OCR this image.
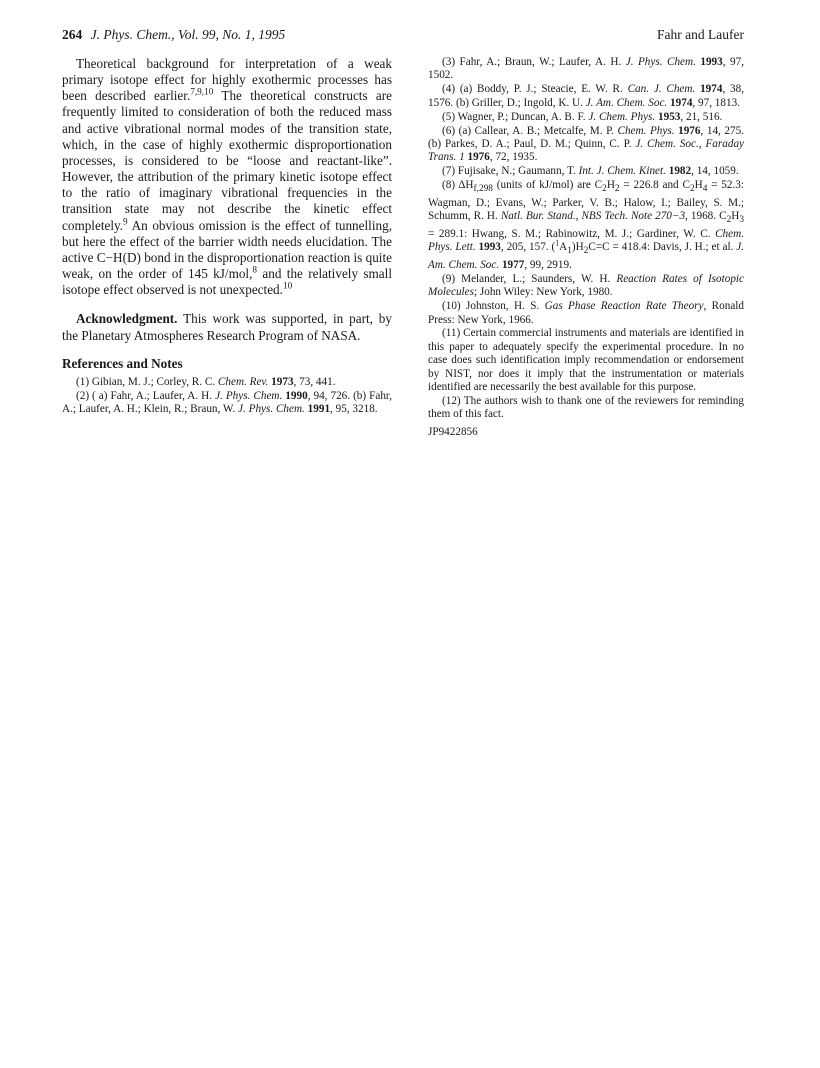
264 J. Phys. Chem., Vol. 99, No. 1, 1995	Fahr and Laufer

Theoretical background for interpretation of a weak primary isotope effect for highly exothermic processes has been described earlier.$^{7,9,10}$ The theoretical constructs are frequently limited to consideration of both the reduced mass and active vibrational normal modes of the transition state, which, in the case of highly exothermic disproportionation processes, is considered to be “loose and reactant-like”. However, the attribution of the primary kinetic isotope effect to the ratio of imaginary vibrational frequencies in the transition state may not describe the kinetic effect completely.$^9$ An obvious omission is the effect of tunnelling, but here the effect of the barrier width needs elucidation. The active C−H(D) bond in the disproportionation reaction is quite weak, on the order of 145 kJ/mol,$^8$ and the relatively small isotope effect observed is not unexpected.$^{10}$

Acknowledgment. This work was supported, in part, by the Planetary Atmospheres Research Program of NASA.

References and Notes

(1) Gibian, M. J.; Corley, R. C. Chem. Rev. 1973, 73, 441.

(2) ( a) Fahr, A.; Laufer, A. H. J. Phys. Chem. 1990, 94, 726. (b) Fahr, A.; Laufer, A. H.; Klein, R.; Braun, W. J. Phys. Chem. 1991, 95, 3218.

(3) Fahr, A.; Braun, W.; Laufer, A. H. J. Phys. Chem. 1993, 97, 1502.

(4) (a) Boddy, P. J.; Steacie, E. W. R. Can. J. Chem. 1974, 38, 1576. (b) Griller, D.; Ingold, K. U. J. Am. Chem. Soc. 1974, 97, 1813.

(5) Wagner, P.; Duncan, A. B. F. J. Chem. Phys. 1953, 21, 516.

(6) (a) Callear, A. B.; Metcalfe, M. P. Chem. Phys. 1976, 14, 275. (b) Parkes, D. A.; Paul, D. M.; Quinn, C. P. J. Chem. Soc., Faraday Trans. 1 1976, 72, 1935.

(7) Fujisake, N.; Gaumann, T. Int. J. Chem. Kinet. 1982, 14, 1059.

(8) $\Delta H_{f,298}$ (units of kJ/mol) are $C_2H_2 = 226.8$ and $C_2H_4 = 52.3$: Wagman, D.; Evans, W.; Parker, V. B.; Halow, I.; Bailey, S. M.; Schumm, R. H. Natl. Bur. Stand., NBS Tech. Note 270−3, 1968. $C_2H_3 = 289.1$: Hwang, S. M.; Rabinowitz, M. J.; Gardiner, W. C. Chem. Phys. Lett. 1993, 205, 157. $(^1A_1)H_2C=C = 418.4$: Davis, J. H.; et al. J. Am. Chem. Soc. 1977, 99, 2919.

(9) Melander, L.; Saunders, W. H. Reaction Rates of Isotopic Molecules; John Wiley: New York, 1980.

(10) Johnston, H. S. Gas Phase Reaction Rate Theory, Ronald Press: New York, 1966.

(11) Certain commercial instruments and materials are identified in this paper to adequately specify the experimental procedure. In no case does such identification imply recommendation or endorsement by NIST, nor does it imply that the instrumentation or materials identified are necessarily the best available for this purpose.

(12) The authors wish to thank one of the reviewers for reminding them of this fact.

JP9422856
